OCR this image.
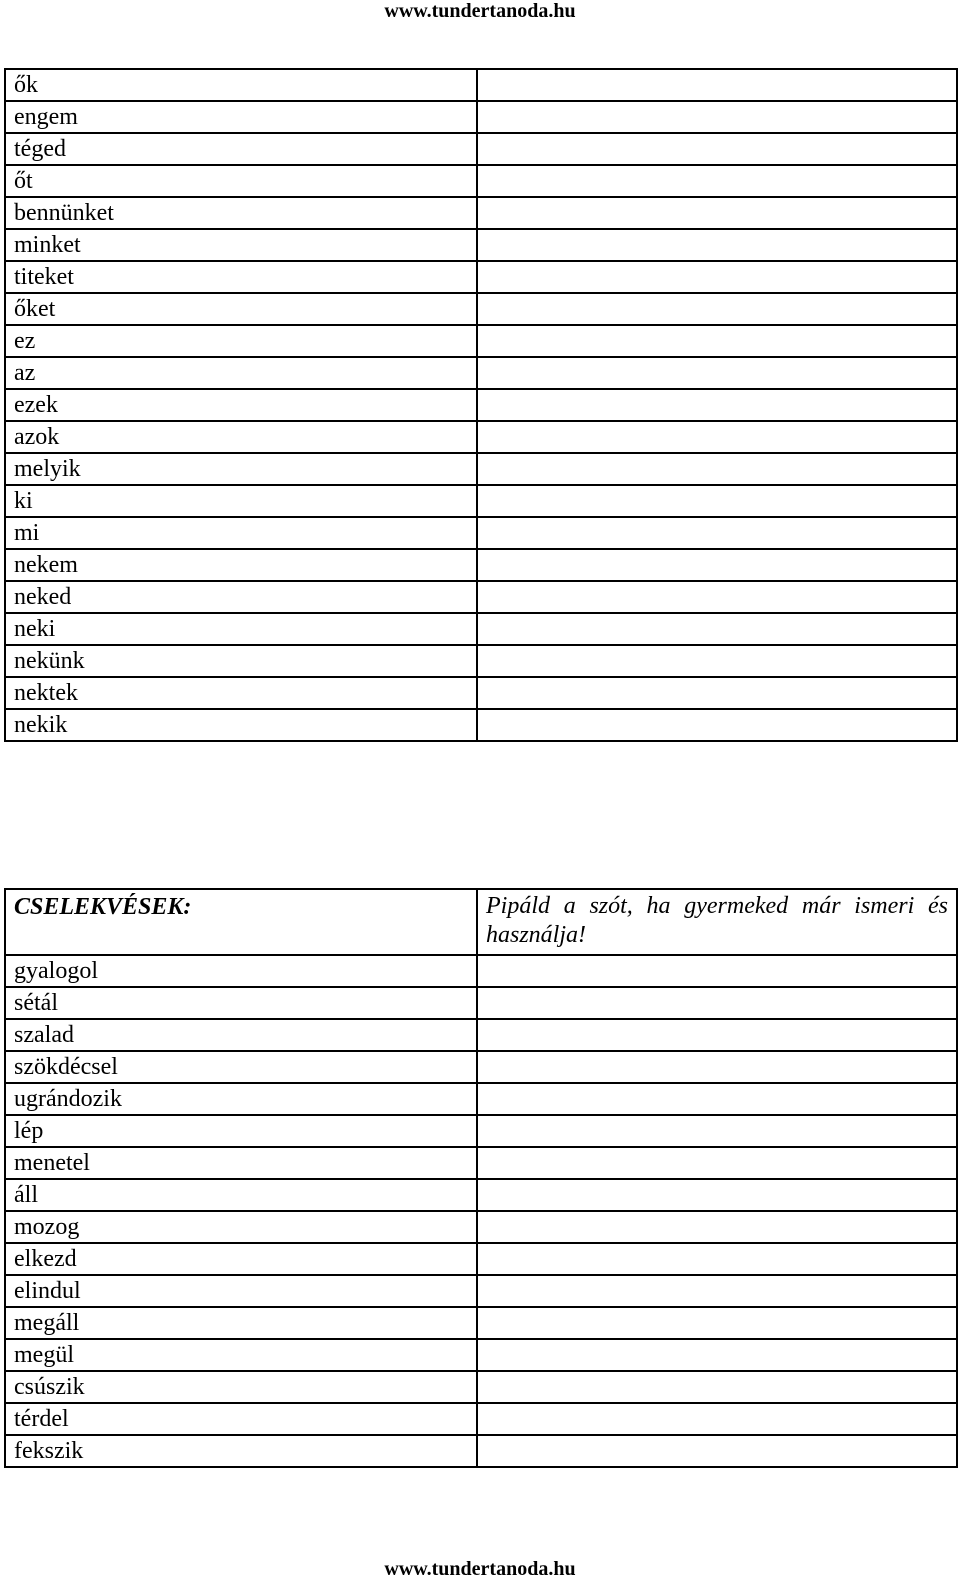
www.tundertanoda.hu
ők	
engem	
téged	
őt	
bennünket	
minket	
titeket	
őket	
ez	
az	
ezek	
azok	
melyik	
ki	
mi	
nekem	
neked	
neki	
nekünk	
nektek	
nekik	
CSELEKVÉSEK:	Pipáld a szót, ha gyermeked már ismeri és használja!

gyalogol	
sétál	
szalad	
szökdécsel	
ugrándozik	
lép	
menetel	
áll	
mozog	
elkezd	
elindul	
megáll	
megül	
csúszik	
térdel	
fekszik	
www.tundertanoda.hu
